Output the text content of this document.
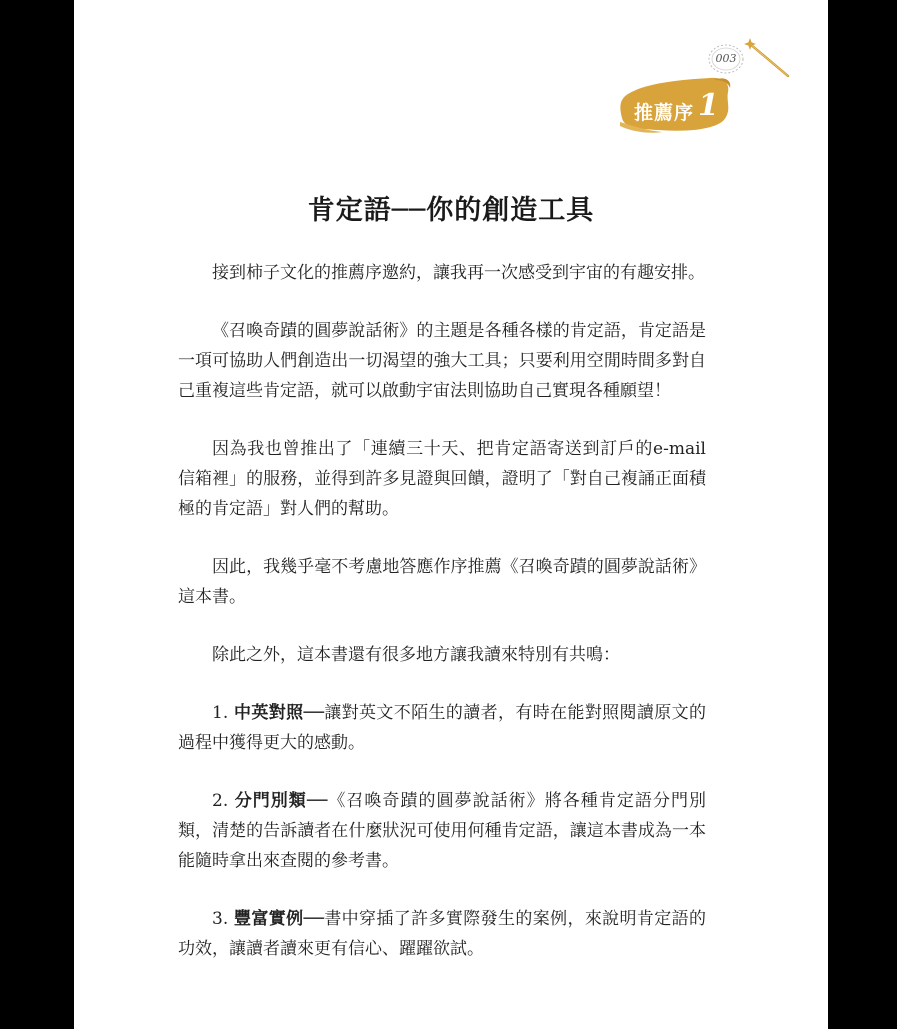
003
推薦序 1
肯定語──你的創造工具

接到柿子文化的推薦序邀約，讓我再一次感受到宇宙的有趣安排。

《召喚奇蹟的圓夢說話術》的主題是各種各樣的肯定語，肯定語是一項可協助人們創造出一切渴望的強大工具；只要利用空閒時間多對自己重複這些肯定語，就可以啟動宇宙法則協助自己實現各種願望！

因為我也曾推出了「連續三十天、把肯定語寄送到訂戶的e-mail信箱裡」的服務，並得到許多見證與回饋，證明了「對自己複誦正面積極的肯定語」對人們的幫助。

因此，我幾乎毫不考慮地答應作序推薦《召喚奇蹟的圓夢說話術》這本書。

除此之外，這本書還有很多地方讓我讀來特別有共鳴：

1. 中英對照──讓對英文不陌生的讀者，有時在能對照閱讀原文的過程中獲得更大的感動。

2. 分門別類──《召喚奇蹟的圓夢說話術》將各種肯定語分門別類，清楚的告訴讀者在什麼狀況可使用何種肯定語，讓這本書成為一本能隨時拿出來查閱的參考書。

3. 豐富實例──書中穿插了許多實際發生的案例，來說明肯定語的功效，讓讀者讀來更有信心、躍躍欲試。
